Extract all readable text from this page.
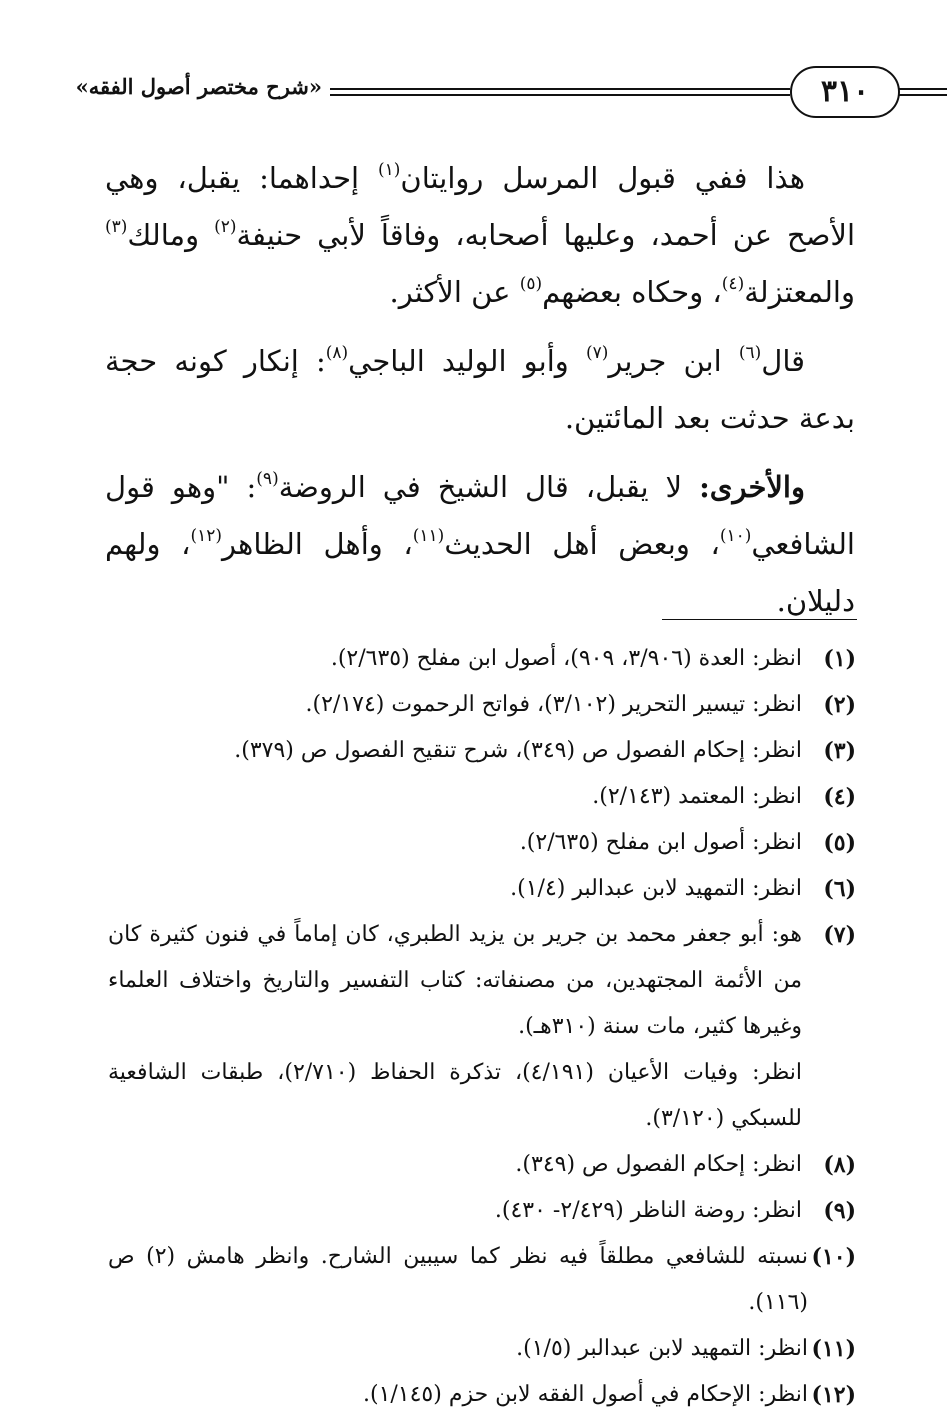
٣١٠
«شرح مختصر أصول الفقه»

هذا ففي قبول المرسل روايتان$^{(١)}$ إحداهما: يقبل، وهي الأصح عن أحمد، وعليها أصحابه، وفاقاً لأبي حنيفة$^{(٢)}$ ومالك$^{(٣)}$ والمعتزلة$^{(٤)}$، وحكاه بعضهم$^{(٥)}$ عن الأكثر.

قال$^{(٦)}$ ابن جرير$^{(٧)}$ وأبو الوليد الباجي$^{(٨)}$: إنكار كونه حجة بدعة حدثت بعد المائتين.

والأخرى: لا يقبل، قال الشيخ في الروضة$^{(٩)}$: "وهو قول الشافعي$^{(١٠)}$، وبعض أهل الحديث$^{(١١)}$، وأهل الظاهر$^{(١٢)}$، ولهم دليلان.

(١)

انظر: العدة (٣/٩٠٦، ٩٠٩)، أصول ابن مفلح (٢/٦٣٥).

(٢)

انظر: تيسير التحرير (٣/١٠٢)، فواتح الرحموت (٢/١٧٤).

(٣)

انظر: إحكام الفصول ص (٣٤٩)، شرح تنقيح الفصول ص (٣٧٩).

(٤)

انظر: المعتمد (٢/١٤٣).

(٥)

انظر: أصول ابن مفلح (٢/٦٣٥).

(٦)

انظر: التمهيد لابن عبدالبر (١/٤).

(٧)

هو: أبو جعفر محمد بن جرير بن يزيد الطبري، كان إماماً في فنون كثيرة كان من الأئمة المجتهدين، من مصنفاته: كتاب التفسير والتاريخ واختلاف العلماء وغيرها كثير، مات سنة (٣١٠هـ).

انظر: وفيات الأعيان (٤/١٩١)، تذكرة الحفاظ (٢/٧١٠)، طبقات الشافعية للسبكي (٣/١٢٠).

(٨)

انظر: إحكام الفصول ص (٣٤٩).

(٩)

انظر: روضة الناظر (٢/٤٢٩- ٤٣٠).

(١٠)

نسبته للشافعي مطلقاً فيه نظر كما سيبين الشارح. وانظر هامش (٢) ص (١١٦).

(١١)

انظر: التمهيد لابن عبدالبر (١/٥).

(١٢)

انظر: الإحكام في أصول الفقه لابن حزم (١/١٤٥).
